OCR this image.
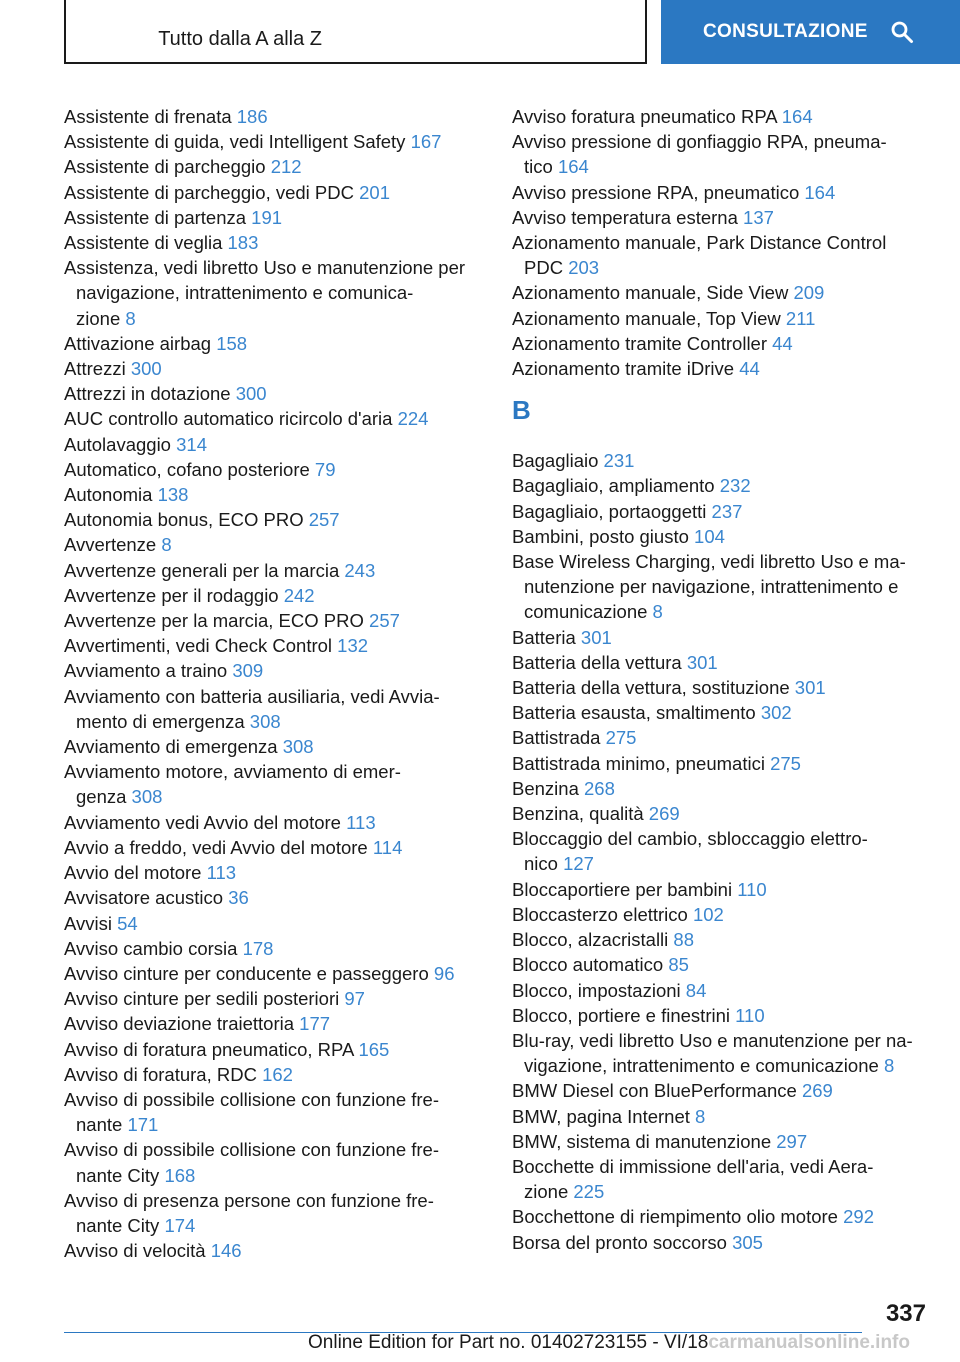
Tutto dalla A alla Z	CONSULTAZIONE
Assistente di frenata 186
Assistente di guida, vedi Intelligent Safety 167
Assistente di parcheggio 212
Assistente di parcheggio, vedi PDC 201
Assistente di partenza 191
Assistente di veglia 183
Assistenza, vedi libretto Uso e manutenzione per
navigazione, intrattenimento e comunica-
zione 8
Attivazione airbag 158
Attrezzi 300
Attrezzi in dotazione 300
AUC controllo automatico ricircolo d'aria 224
Autolavaggio 314
Automatico, cofano posteriore 79
Autonomia 138
Autonomia bonus, ECO PRO 257
Avvertenze 8
Avvertenze generali per la marcia 243
Avvertenze per il rodaggio 242
Avvertenze per la marcia, ECO PRO 257
Avvertimenti, vedi Check Control 132
Avviamento a traino 309
Avviamento con batteria ausiliaria, vedi Avvia-
mento di emergenza 308
Avviamento di emergenza 308
Avviamento motore, avviamento di emer-
genza 308
Avviamento vedi Avvio del motore 113
Avvio a freddo, vedi Avvio del motore 114
Avvio del motore 113
Avvisatore acustico 36
Avvisi 54
Avviso cambio corsia 178
Avviso cinture per conducente e passeggero 96
Avviso cinture per sedili posteriori 97
Avviso deviazione traiettoria 177
Avviso di foratura pneumatico, RPA 165
Avviso di foratura, RDC 162
Avviso di possibile collisione con funzione fre-
nante 171
Avviso di possibile collisione con funzione fre-
nante City 168
Avviso di presenza persone con funzione fre-
nante City 174
Avviso di velocità 146
Avviso foratura pneumatico RPA 164
Avviso pressione di gonfiaggio RPA, pneuma-
tico 164
Avviso pressione RPA, pneumatico 164
Avviso temperatura esterna 137
Azionamento manuale, Park Distance Control
PDC 203
Azionamento manuale, Side View 209
Azionamento manuale, Top View 211
Azionamento tramite Controller 44
Azionamento tramite iDrive 44
B
Bagagliaio 231
Bagagliaio, ampliamento 232
Bagagliaio, portaoggetti 237
Bambini, posto giusto 104
Base Wireless Charging, vedi libretto Uso e ma-
nutenzione per navigazione, intrattenimento e
comunicazione 8
Batteria 301
Batteria della vettura 301
Batteria della vettura, sostituzione 301
Batteria esausta, smaltimento 302
Battistrada 275
Battistrada minimo, pneumatici 275
Benzina 268
Benzina, qualità 269
Bloccaggio del cambio, sbloccaggio elettro-
nico 127
Bloccaportiere per bambini 110
Bloccasterzo elettrico 102
Blocco, alzacristalli 88
Blocco automatico 85
Blocco, impostazioni 84
Blocco, portiere e finestrini 110
Blu-ray, vedi libretto Uso e manutenzione per na-
vigazione, intrattenimento e comunicazione 8
BMW Diesel con BluePerformance 269
BMW, pagina Internet 8
BMW, sistema di manutenzione 297
Bocchette di immissione dell'aria, vedi Aera-
zione 225
Bocchettone di riempimento olio motore 292
Borsa del pronto soccorso 305
337
Online Edition for Part no. 01402723155 - VI/18carmanualsonline.info
